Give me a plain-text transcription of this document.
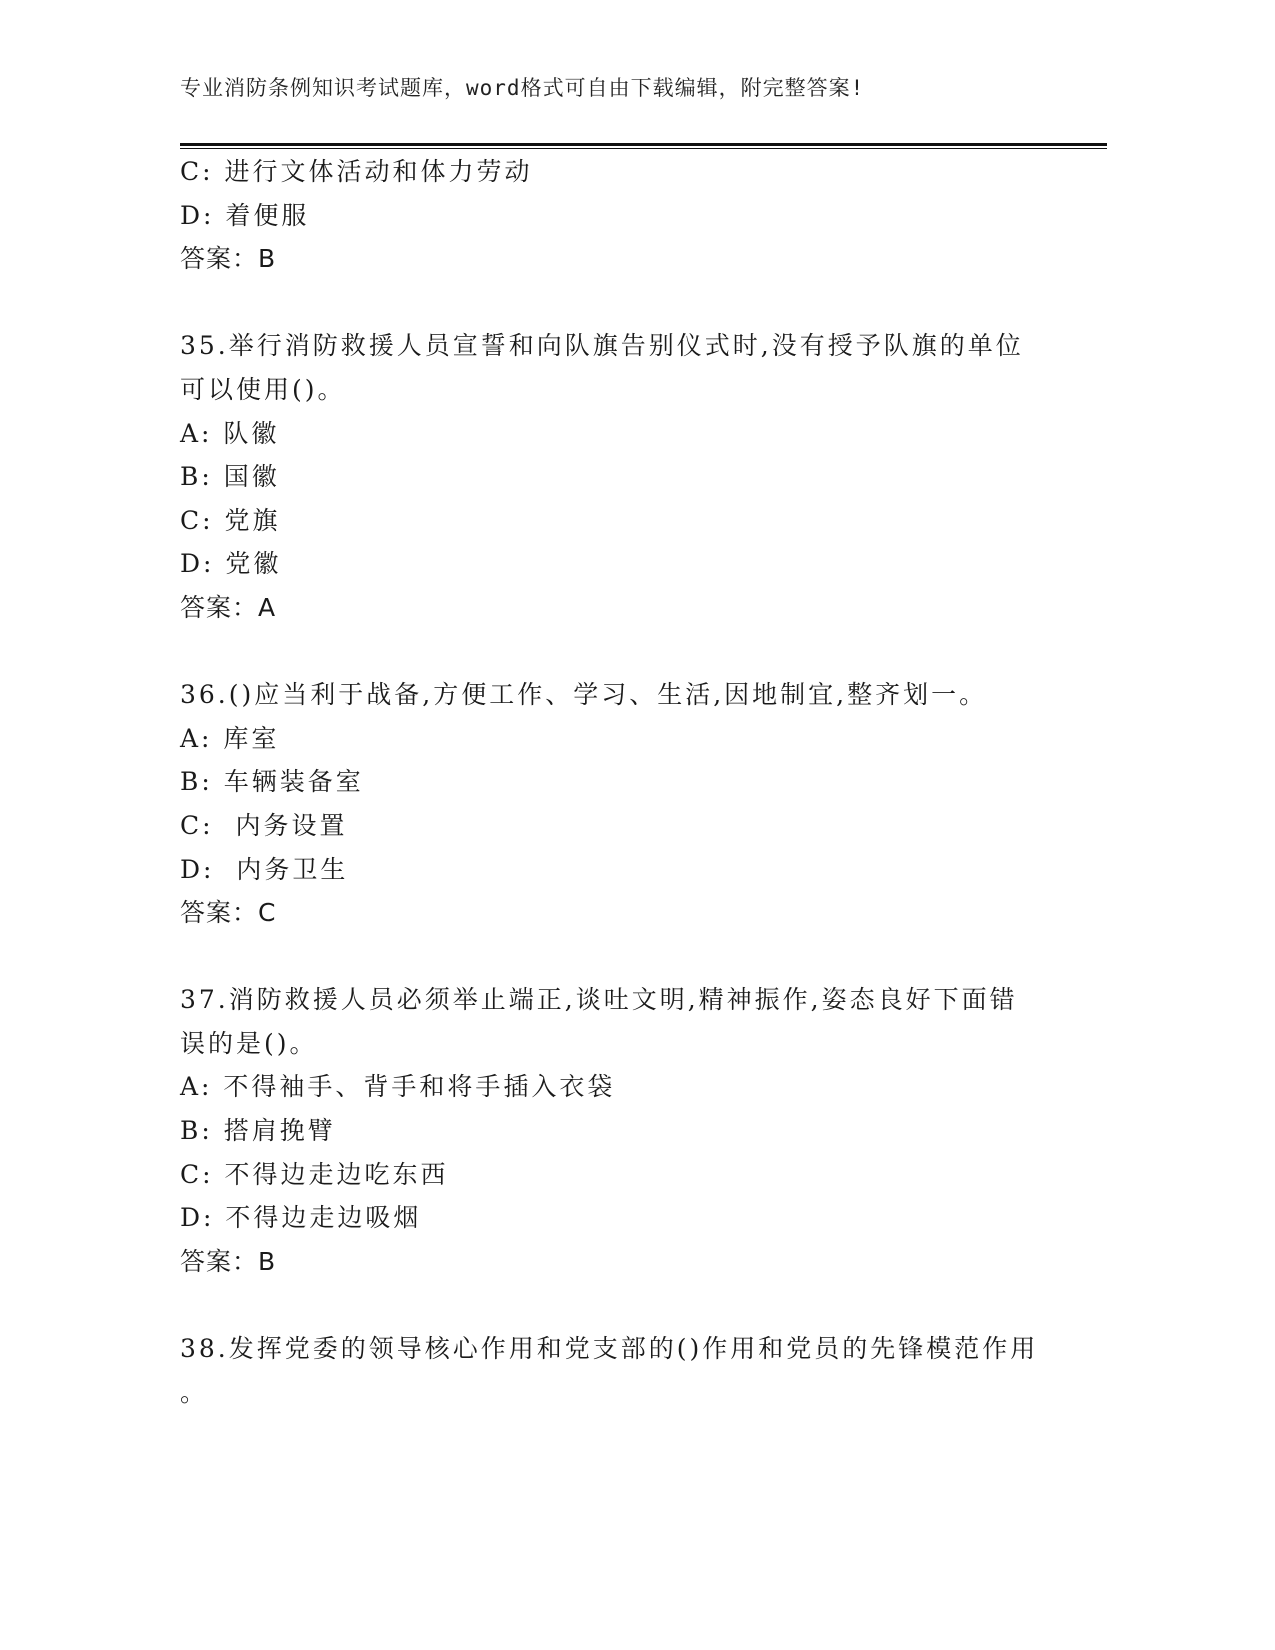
专业消防条例知识考试题库，word格式可自由下载编辑，附完整答案!
C: 进行文体活动和体力劳动
D: 着便服
答案：B
35.举行消防救援人员宣誓和向队旗告别仪式时,没有授予队旗的单位
可以使用()。
A: 队徽
B: 国徽
C: 党旗
D: 党徽
答案：A
36.()应当利于战备,方便工作、学习、生活,因地制宜,整齐划一。
A: 库室
B: 车辆装备室
C:  内务设置
D:  内务卫生
答案：C
37.消防救援人员必须举止端正,谈吐文明,精神振作,姿态良好下面错
误的是()。
A: 不得袖手、背手和将手插入衣袋
B: 搭肩挽臂
C: 不得边走边吃东西
D: 不得边走边吸烟
答案：B
38.发挥党委的领导核心作用和党支部的()作用和党员的先锋模范作用
。
